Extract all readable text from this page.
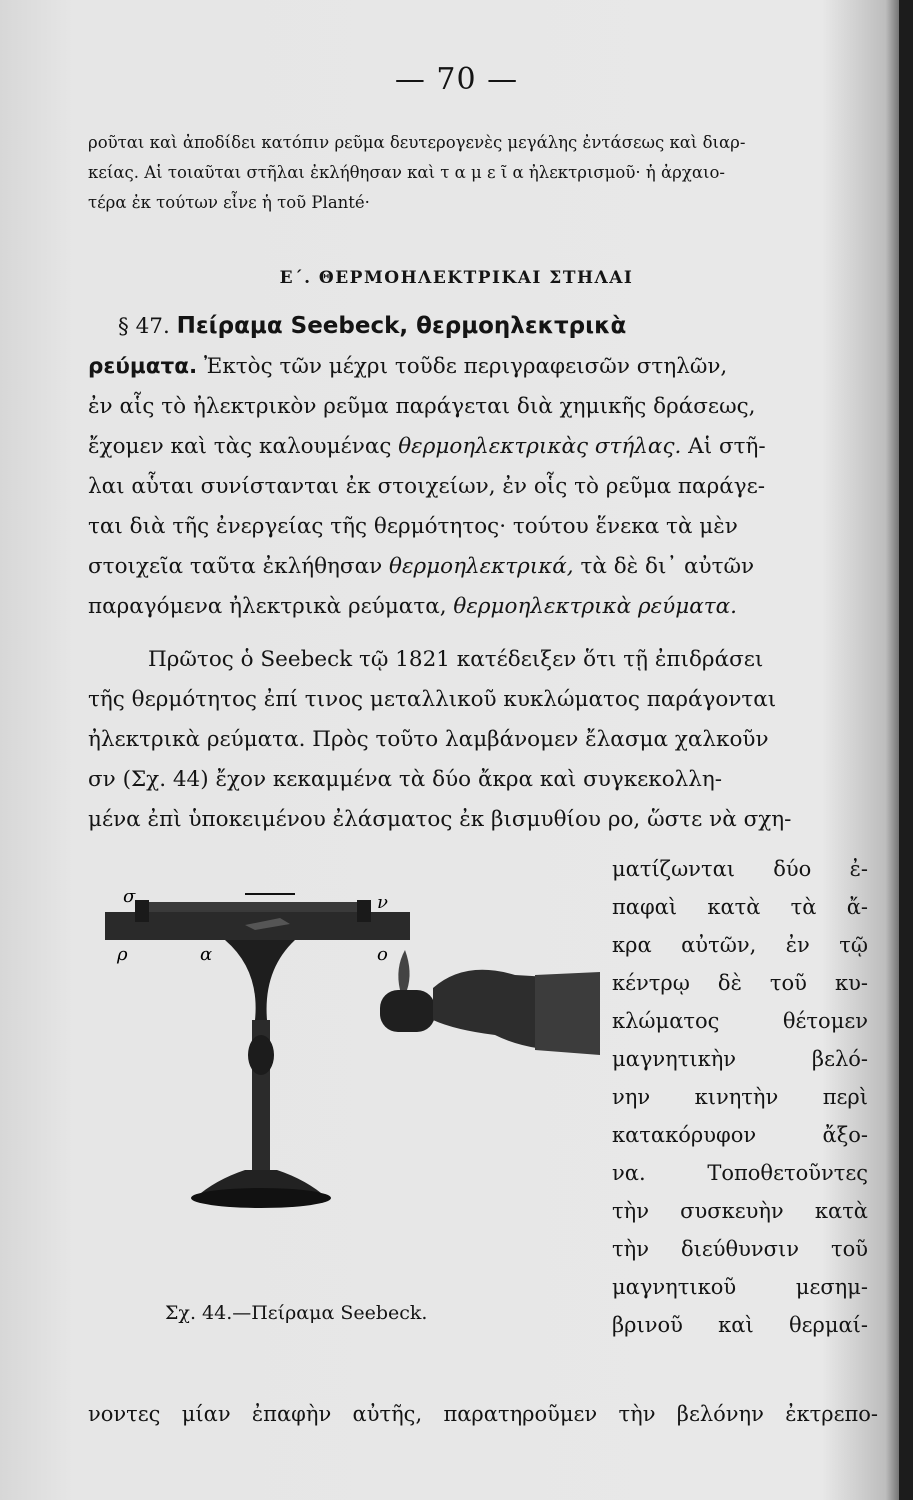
— 70 —
ροῦται καὶ ἀποδίδει κατόπιν ρεῦμα δευτερογενὲς μεγάλης ἐντάσεως καὶ διαρ-
κείας. Αἱ τοιαῦται στῆλαι ἐκλήθησαν καὶ τ α μ ε ῖ α ἠλεκτρισμοῦ· ἡ ἀρχαιο-
τέρα ἐκ τούτων εἶνε ἡ τοῦ Planté·
Ε΄. ΘΕΡΜΟΗΛΕΚΤΡΙΚΑΙ ΣΤΗΛΑΙ
§ 47. Πείραμα Seebeck, θερμοηλεκτρικὰ
ρεύματα. Ἐκτὸς τῶν μέχρι τοῦδε περιγραφεισῶν στηλῶν,
ἐν αἷς τὸ ἠλεκτρικὸν ρεῦμα παράγεται διὰ χημικῆς δράσεως,
ἔχομεν καὶ τὰς καλουμένας θερμοηλεκτρικὰς στήλας. Αἱ στῆ-
λαι αὗται συνίστανται ἐκ στοιχείων, ἐν οἷς τὸ ρεῦμα παράγε-
ται διὰ τῆς ἐνεργείας τῆς θερμότητος· τούτου ἕνεκα τὰ μὲν
στοιχεῖα ταῦτα ἐκλήθησαν θερμοηλεκτρικά, τὰ δὲ δι᾿ αὐτῶν
παραγόμενα ἠλεκτρικὰ ρεύματα, θερμοηλεκτρικὰ ρεύματα.
Πρῶτος ὁ Seebeck τῷ 1821 κατέδειξεν ὅτι τῇ ἐπιδράσει
τῆς θερμότητος ἐπί τινος μεταλλικοῦ κυκλώματος παράγονται
ἠλεκτρικὰ ρεύματα. Πρὸς τοῦτο λαμβάνομεν ἔλασμα χαλκοῦν
σν (Σχ. 44) ἔχον κεκαμμένα τὰ δύο ἄκρα καὶ συγκεκολλη-
μένα ἐπὶ ὑποκειμένου ἐλάσματος ἐκ βισμυθίου ρο, ὥστε νὰ σχη-
ματίζωνται δύο ἐ-
παφαὶ κατὰ τὰ ἄ-
κρα αὐτῶν, ἐν τῷ
κέντρῳ δὲ τοῦ κυ-
κλώματος θέτομεν
μαγνητικὴν βελό-
νην κινητὴν περὶ
κατακόρυφον ἄξο-
να. Τοποθετοῦντες
τὴν συσκευὴν κατὰ
τὴν διεύθυνσιν τοῦ
μαγνητικοῦ μεσημ-
βρινοῦ καὶ θερμαί-
σ	ν
ρ	α	ο
Σχ. 44.—Πείραμα Seebeck.
νοντες μίαν ἐπαφὴν αὐτῆς, παρατηροῦμεν τὴν βελόνην ἐκτρεπο-
